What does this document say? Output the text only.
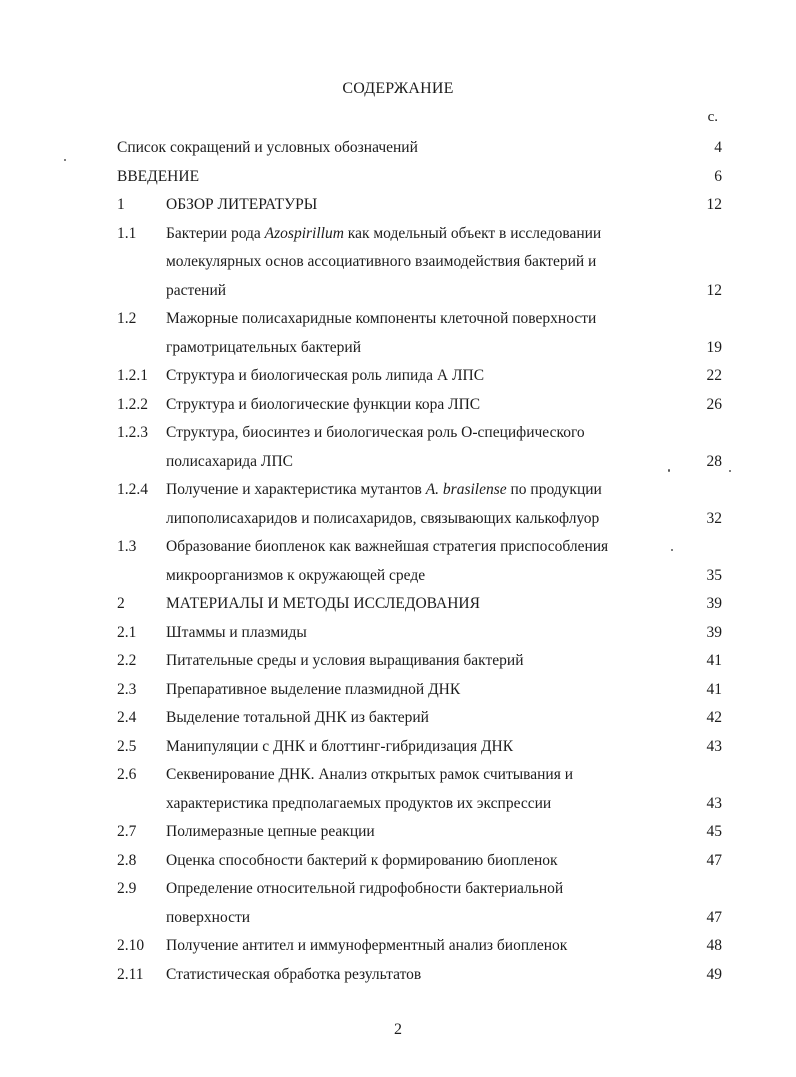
СОДЕРЖАНИЕ
с.
Список сокращений и условных обозначений	4
ВВЕДЕНИЕ	6
1	ОБЗОР ЛИТЕРАТУРЫ	12
1.1 Бактерии рода Azospirillum как модельный объект в исследовании
молекулярных основ ассоциативного взаимодействия бактерий и
растений	12
1.2 Мажорные полисахаридные компоненты клеточной поверхности
грамотрицательных бактерий	19
1.2.1 Структура и биологическая роль липида А ЛПС	22
1.2.2 Структура и биологические функции кора ЛПС	26
1.2.3 Структура, биосинтез и биологическая роль О-специфического
полисахарида ЛПС	28
1.2.4 Получение и характеристика мутантов A. brasilense по продукции
липополисахаридов и полисахаридов, связывающих калькофлуор	32
1.3 Образование биопленок как важнейшая стратегия приспособления
микроорганизмов к окружающей среде	35
2	МАТЕРИАЛЫ И МЕТОДЫ ИССЛЕДОВАНИЯ	39
2.1 Штаммы и плазмиды	39
2.2 Питательные среды и условия выращивания бактерий	41
2.3 Препаративное выделение плазмидной ДНК	41
2.4 Выделение тотальной ДНК из бактерий	42
2.5 Манипуляции с ДНК и блоттинг-гибридизация ДНК	43
2.6 Секвенирование ДНК. Анализ открытых рамок считывания и
характеристика предполагаемых продуктов их экспрессии	43
2.7 Полимеразные цепные реакции	45
2.8 Оценка способности бактерий к формированию биопленок	47
2.9 Определение относительной гидрофобности бактериальной
поверхности	47
2.10 Получение антител и иммуноферментный анализ биопленок	48
2.11 Статистическая обработка результатов	49
2
